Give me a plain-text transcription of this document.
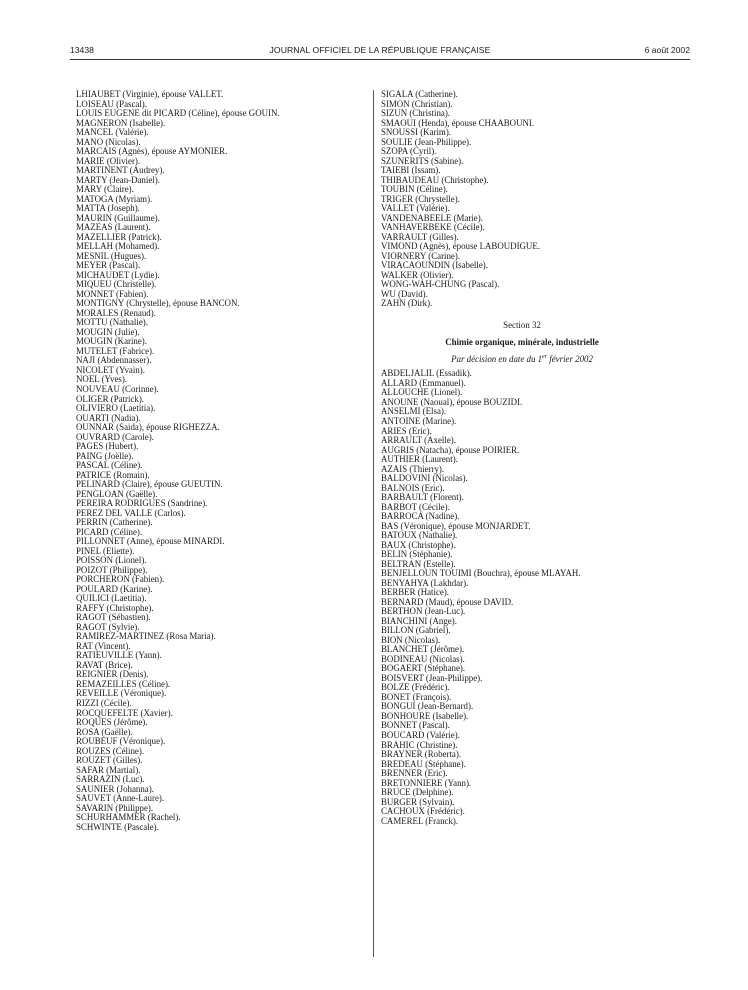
13438	JOURNAL OFFICIEL DE LA RÉPUBLIQUE FRANÇAISE	6 août 2002
LHIAUBET (Virginie), épouse VALLET.
LOISEAU (Pascal).
LOUIS EUGENE dit PICARD (Céline), épouse GOUIN.
MAGNERON (Isabelle).
MANCEL (Valérie).
MANO (Nicolas).
MARCAIS (Agnès), épouse AYMONIER.
MARIE (Olivier).
MARTINENT (Audrey).
MARTY (Jean-Daniel).
MARY (Claire).
MATOGA (Myriam).
MATTA (Joseph).
MAURIN (Guillaume).
MAZEAS (Laurent).
MAZELLIER (Patrick).
MELLAH (Mohamed).
MESNIL (Hugues).
MEYER (Pascal).
MICHAUDET (Lydie).
MIQUEU (Christelle).
MONNET (Fabien).
MONTIGNY (Chrystelle), épouse BANCON.
MORALES (Renaud).
MOTTU (Nathalie).
MOUGIN (Julie).
MOUGIN (Karine).
MUTELET (Fabrice).
NAJI (Abdennasser).
NICOLET (Yvain).
NOEL (Yves).
NOUVEAU (Corinne).
OLIGER (Patrick).
OLIVIERO (Laetitia).
OUARTI (Nadia).
OUNNAR (Saida), épouse RIGHEZZA.
OUVRARD (Carole).
PAGES (Hubert).
PAING (Joëlle).
PASCAL (Céline).
PATRICE (Romain).
PELINARD (Claire), épouse GUEUTIN.
PENGLOAN (Gaëlle).
PEREIRA RODRIGUES (Sandrine).
PEREZ DEL VALLE (Carlos).
PERRIN (Catherine).
PICARD (Céline).
PILLONNET (Anne), épouse MINARDI.
PINEL (Eliette).
POISSON (Lionel).
POIZOT (Philippe).
PORCHERON (Fabien).
POULARD (Karine).
QUILICI (Laetitia).
RAFFY (Christophe).
RAGOT (Sébastien).
RAGOT (Sylvie).
RAMIREZ-MARTINEZ (Rosa Maria).
RAT (Vincent).
RATIEUVILLE (Yann).
RAVAT (Brice).
REIGNIER (Denis).
REMAZEILLES (Céline).
REVEILLE (Véronique).
RIZZI (Cécile).
ROCQUEFELTE (Xavier).
ROQUES (Jérôme).
ROSA (Gaëlle).
ROUBEUF (Véronique).
ROUZES (Céline).
ROUZET (Gilles).
SAFAR (Martial).
SARRAZIN (Luc).
SAUNIER (Johanna).
SAUVET (Anne-Laure).
SAVARIN (Philippe).
SCHURHAMMER (Rachel).
SCHWINTE (Pascale).
SIGALA (Catherine).
SIMON (Christian).
SIZUN (Christina).
SMAOUI (Henda), épouse CHAABOUNI.
SNOUSSI (Karim).
SOULIE (Jean-Philippe).
SZOPA (Cyril).
SZUNERITS (Sabine).
TAIEBI (Issam).
THIBAUDEAU (Christophe).
TOUBIN (Céline).
TRIGER (Chrystelle).
VALLET (Valérie).
VANDENABEELE (Marie).
VANHAVERBEKE (Cécile).
VARRAULT (Gilles).
VIMOND (Agnès), épouse LABOUDIGUE.
VIORNERY (Carine).
VIRACAOUNDIN (Isabelle).
WALKER (Olivier).
WONG-WAH-CHUNG (Pascal).
WU (David).
ZAHN (Dirk).
Section 32
Chimie organique, minérale, industrielle
Par décision en date du 1er février 2002
ABDELJALIL (Essadik).
ALLARD (Emmanuel).
ALLOUCHE (Lionel).
ANOUNE (Naoual), épouse BOUZIDI.
ANSELMI (Elsa).
ANTOINE (Marine).
ARIES (Eric).
ARRAULT (Axelle).
AUGRIS (Natacha), épouse POIRIER.
AUTHIER (Laurent).
AZAIS (Thierry).
BALDOVINI (Nicolas).
BALNOIS (Eric).
BARBAULT (Florent).
BARBOT (Cécile).
BARROCA (Nadine).
BAS (Véronique), épouse MONJARDET.
BATOUX (Nathalie).
BAUX (Christophe).
BELIN (Stéphanie).
BELTRAN (Estelle).
BENJELLOUN TOUIMI (Bouchra), épouse MLAYAH.
BENYAHYA (Lakhdar).
BERBER (Hatice).
BERNARD (Maud), épouse DAVID.
BERTHON (Jean-Luc).
BIANCHINI (Ange).
BILLON (Gabriel).
BION (Nicolas).
BLANCHET (Jérôme).
BODINEAU (Nicolas).
BOGAERT (Stéphane).
BOISVERT (Jean-Philippe).
BOLZE (Frédéric).
BONET (François).
BONGUI (Jean-Bernard).
BONHOURE (Isabelle).
BONNET (Pascal).
BOUCARD (Valérie).
BRAHIC (Christine).
BRAYNER (Roberta).
BREDEAU (Stéphane).
BRENNER (Eric).
BRETONNIERE (Yann).
BRUCE (Delphine).
BURGER (Sylvain).
CACHOUX (Frédéric).
CAMEREL (Franck).
